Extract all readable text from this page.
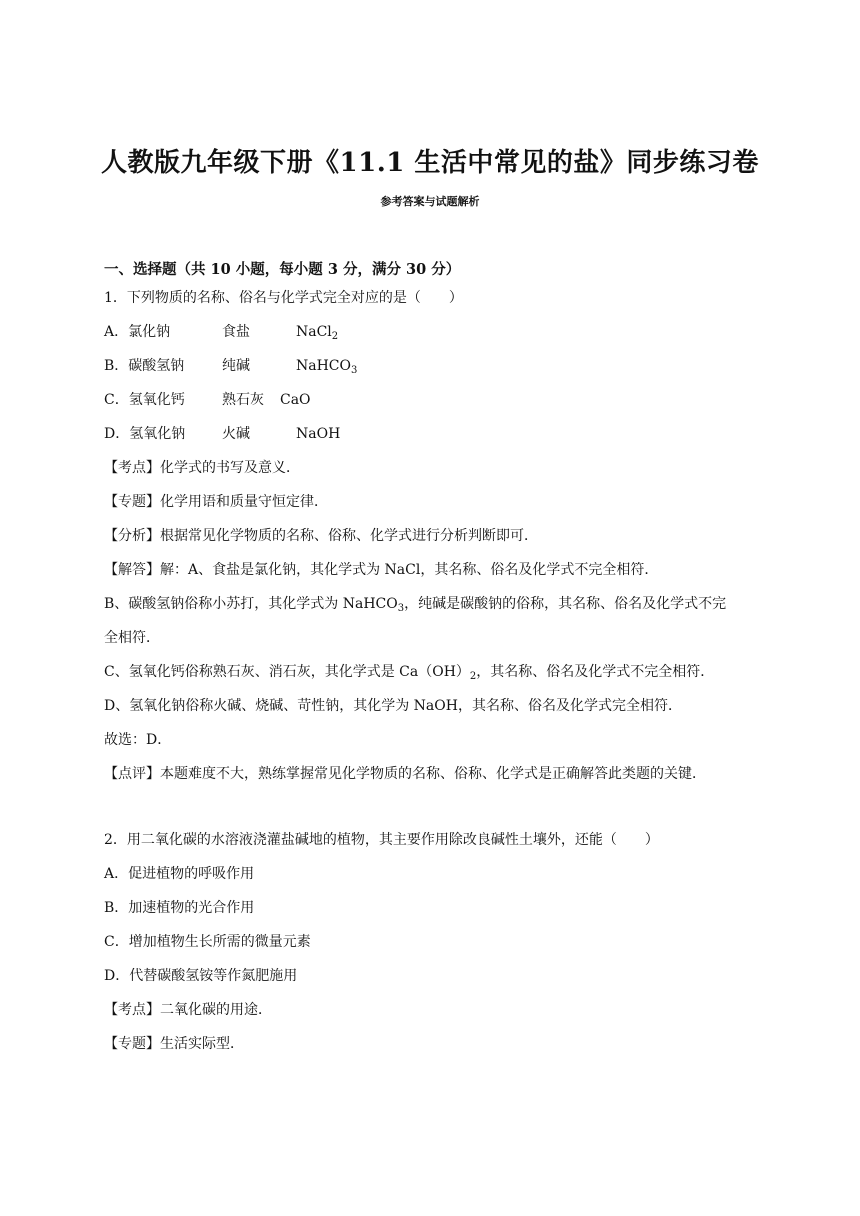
人教版九年级下册《11.1 生活中常见的盐》同步练习卷
参考答案与试题解析
一、选择题（共 10 小题，每小题 3 分，满分 30 分）
1．下列物质的名称、俗名与化学式完全对应的是（　　）
A．氯化钠	食盐	NaCl$_2$
B．碳酸氢钠	纯碱	NaHCO$_3$
C．氢氧化钙	熟石灰 CaO
D．氢氧化钠	火碱	NaOH
【考点】化学式的书写及意义．
【专题】化学用语和质量守恒定律．
【分析】根据常见化学物质的名称、俗称、化学式进行分析判断即可．
【解答】解：A、食盐是氯化钠，其化学式为 NaCl，其名称、俗名及化学式不完全相符．
B、碳酸氢钠俗称小苏打，其化学式为 NaHCO$_3$，纯碱是碳酸钠的俗称，其名称、俗名及化学式不完
全相符．
C、氢氧化钙俗称熟石灰、消石灰，其化学式是 $Ca(OH)_2$，其名称、俗名及化学式不完全相符．
D、氢氧化钠俗称火碱、烧碱、苛性钠，其化学为 NaOH，其名称、俗名及化学式完全相符．
故选：D．
【点评】本题难度不大，熟练掌握常见化学物质的名称、俗称、化学式是正确解答此类题的关键．
2．用二氧化碳的水溶液浇灌盐碱地的植物，其主要作用除改良碱性土壤外，还能（　　）
A．促进植物的呼吸作用
B．加速植物的光合作用
C．增加植物生长所需的微量元素
D．代替碳酸氢铵等作氮肥施用
【考点】二氧化碳的用途．
【专题】生活实际型．
